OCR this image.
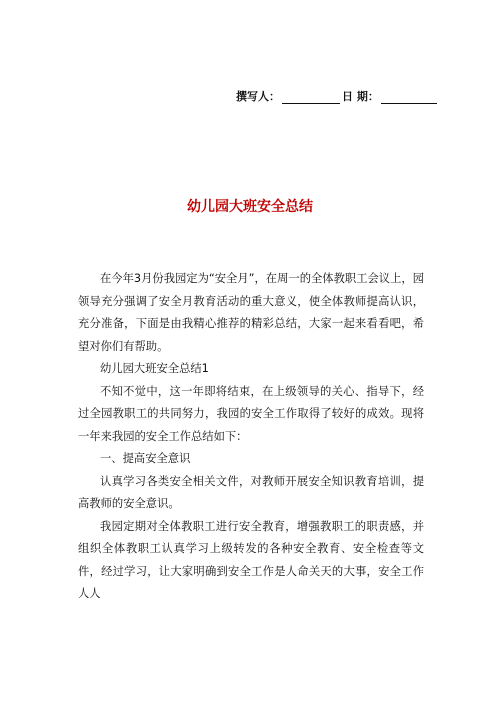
撰写人：	日 期：
幼儿园大班安全总结

在今年3月份我园定为“安全月”，在周一的全体教职工会议上，园领导充分强调了安全月教育活动的重大意义，使全体教师提高认识，充分准备，下面是由我精心推荐的精彩总结，大家一起来看看吧，希望对你们有帮助。

幼儿园大班安全总结1

不知不觉中，这一年即将结束，在上级领导的关心、指导下，经过全园教职工的共同努力，我园的安全工作取得了较好的成效。现将一年来我园的安全工作总结如下：

一、提高安全意识

认真学习各类安全相关文件，对教师开展安全知识教育培训，提高教师的安全意识。

我园定期对全体教职工进行安全教育，增强教职工的职责感，并组织全体教职工认真学习上级转发的各种安全教育、安全检查等文件，经过学习，让大家明确到安全工作是人命关天的大事，安全工作人人
